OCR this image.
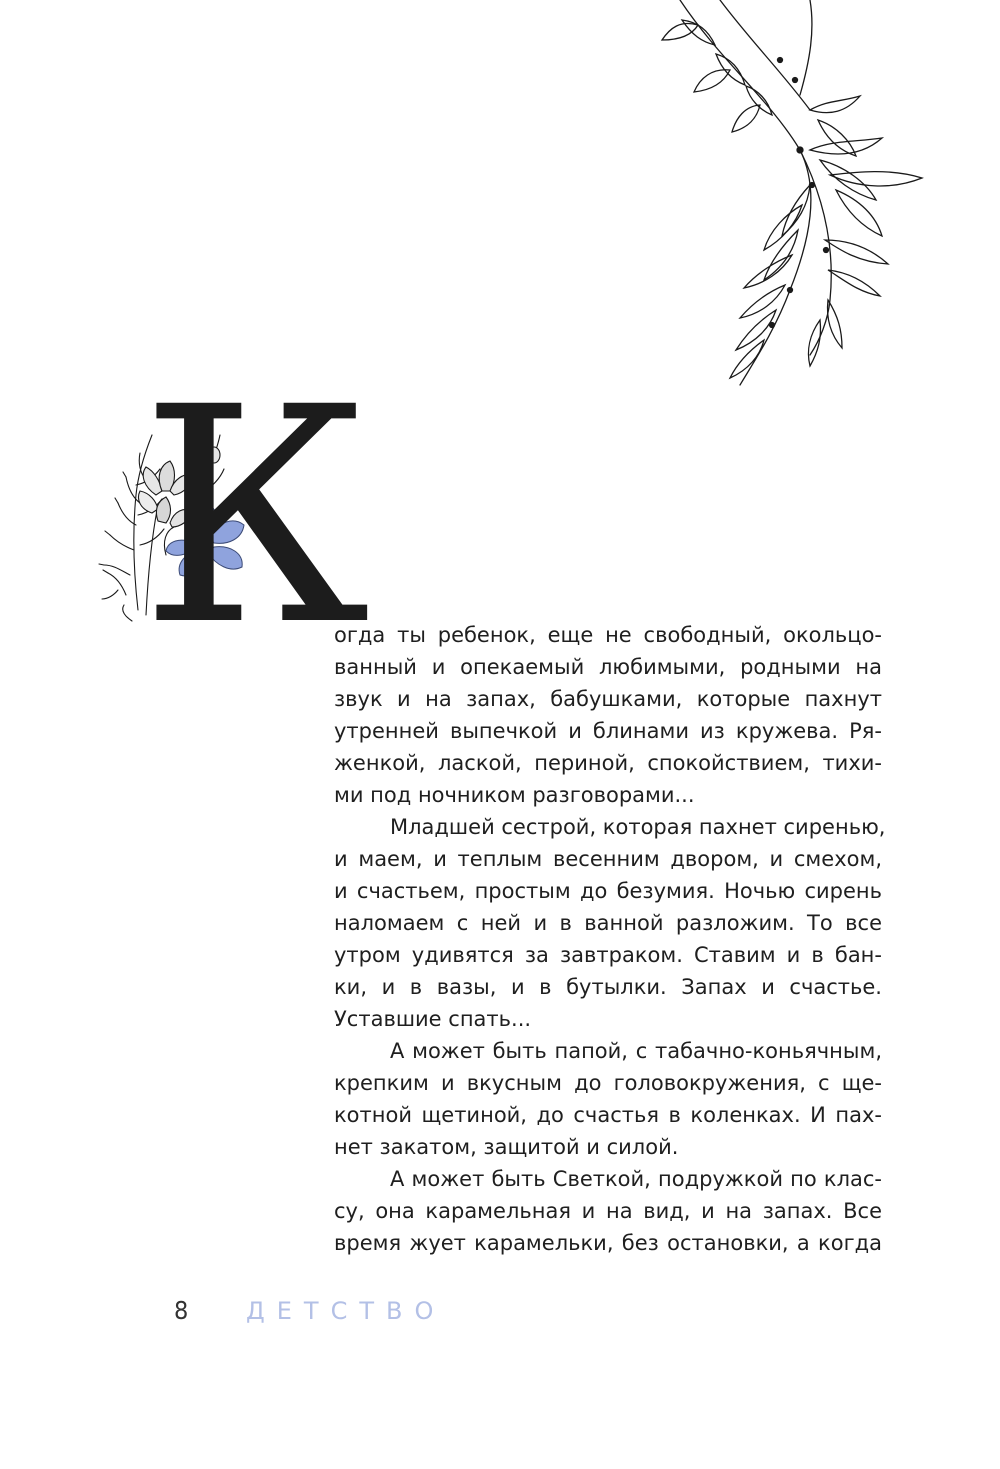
К
огда ты ребенок, еще не свободный, окольцо-
ванный и опекаемый любимыми, родными на
звук и на запах, бабушками, которые пахнут
утренней выпечкой и блинами из кружева. Ря-
женкой, лаской, периной, спокойствием, тихи-
ми под ночником разговорами...
Младшей сестрой, которая пахнет сиренью,
и маем, и теплым весенним двором, и смехом,
и счастьем, простым до безумия. Ночью сирень
наломаем с ней и в ванной разложим. То все
утром удивятся за завтраком. Ставим и в бан-
ки, и в вазы, и в бутылки. Запах и счастье.
Уставшие спать...
А может быть папой, с табачно-коньячным,
крепким и вкусным до головокружения, с ще-
котной щетиной, до счастья в коленках. И пах-
нет закатом, защитой и силой.
А может быть Светкой, подружкой по клас-
су, она карамельная и на вид, и на запах. Все
время жует карамельки, без остановки, а когда
8 ДЕТСТВО
